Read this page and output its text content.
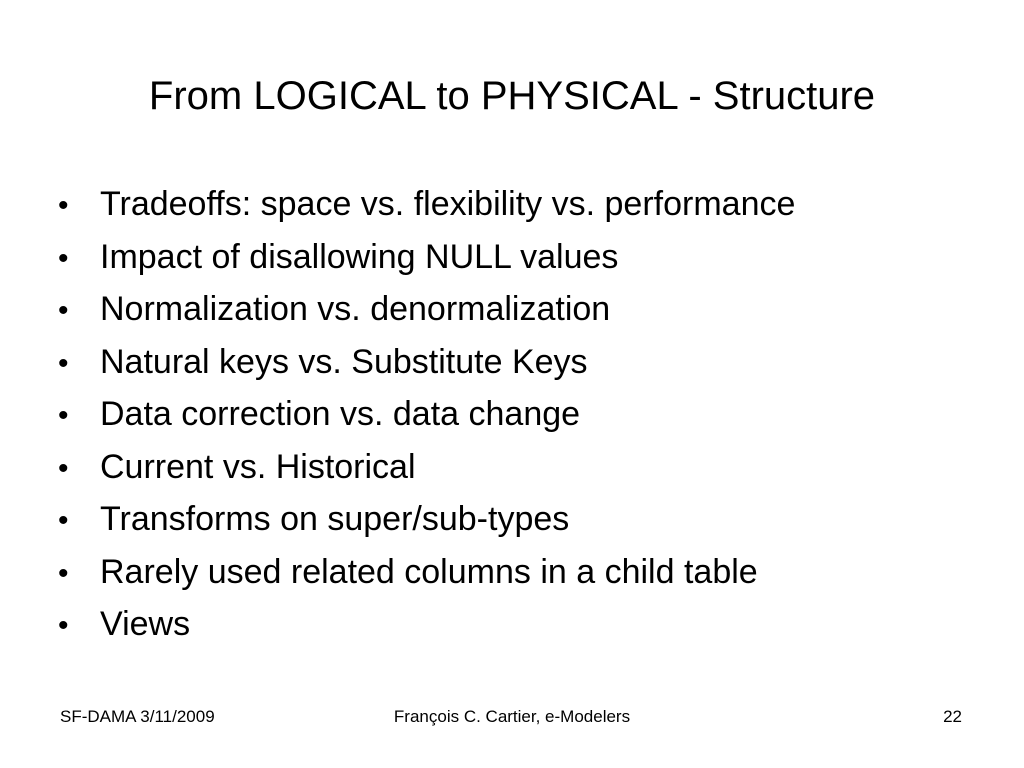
From LOGICAL to PHYSICAL - Structure
• Tradeoffs: space vs. flexibility vs. performance
• Impact of disallowing NULL values
• Normalization vs. denormalization
• Natural keys vs. Substitute Keys
• Data correction vs. data change
• Current vs. Historical
• Transforms on super/sub-types
• Rarely used related columns in a child table
• Views
SF-DAMA 3/11/2009	François C. Cartier, e-Modelers	22
